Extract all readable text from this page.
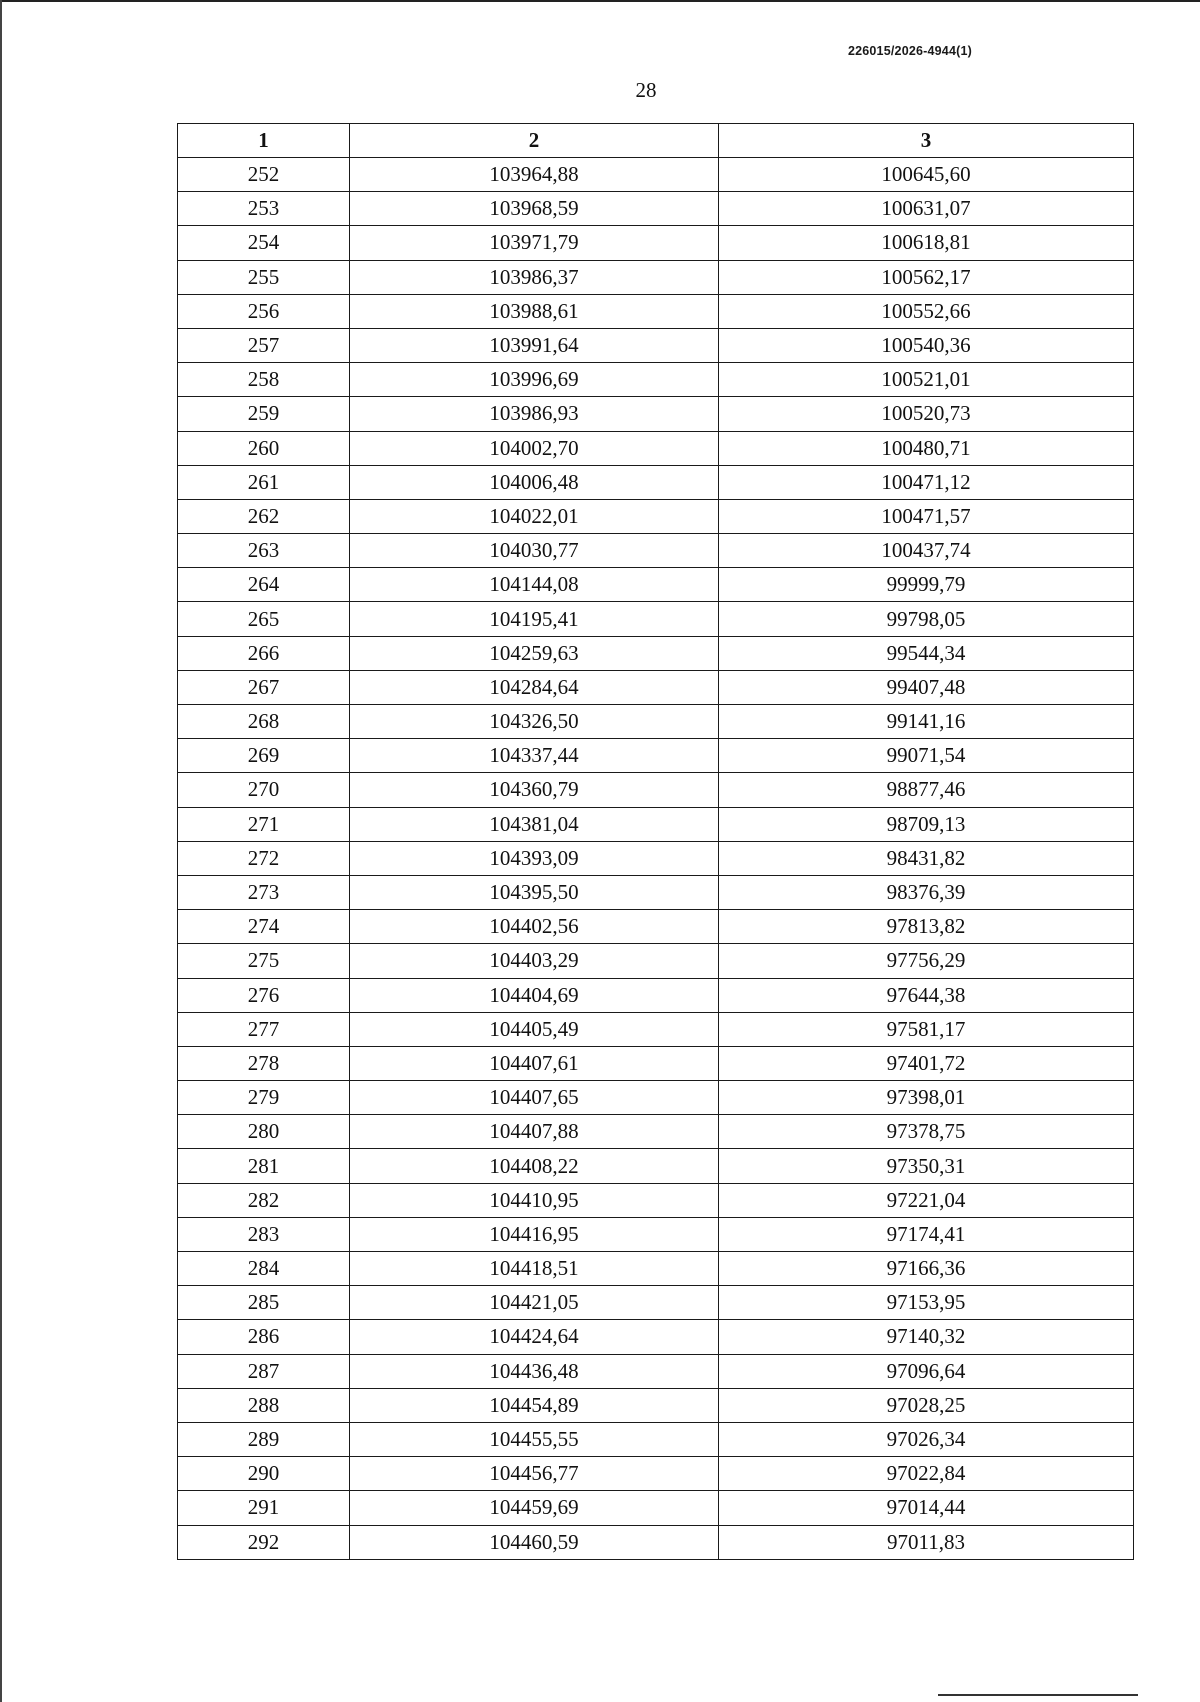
226015/2026-4944(1)
28
1	2	3
252	103964,88	100645,60
253	103968,59	100631,07
254	103971,79	100618,81
255	103986,37	100562,17
256	103988,61	100552,66
257	103991,64	100540,36
258	103996,69	100521,01
259	103986,93	100520,73
260	104002,70	100480,71
261	104006,48	100471,12
262	104022,01	100471,57
263	104030,77	100437,74
264	104144,08	99999,79
265	104195,41	99798,05
266	104259,63	99544,34
267	104284,64	99407,48
268	104326,50	99141,16
269	104337,44	99071,54
270	104360,79	98877,46
271	104381,04	98709,13
272	104393,09	98431,82
273	104395,50	98376,39
274	104402,56	97813,82
275	104403,29	97756,29
276	104404,69	97644,38
277	104405,49	97581,17
278	104407,61	97401,72
279	104407,65	97398,01
280	104407,88	97378,75
281	104408,22	97350,31
282	104410,95	97221,04
283	104416,95	97174,41
284	104418,51	97166,36
285	104421,05	97153,95
286	104424,64	97140,32
287	104436,48	97096,64
288	104454,89	97028,25
289	104455,55	97026,34
290	104456,77	97022,84
291	104459,69	97014,44
292	104460,59	97011,83
